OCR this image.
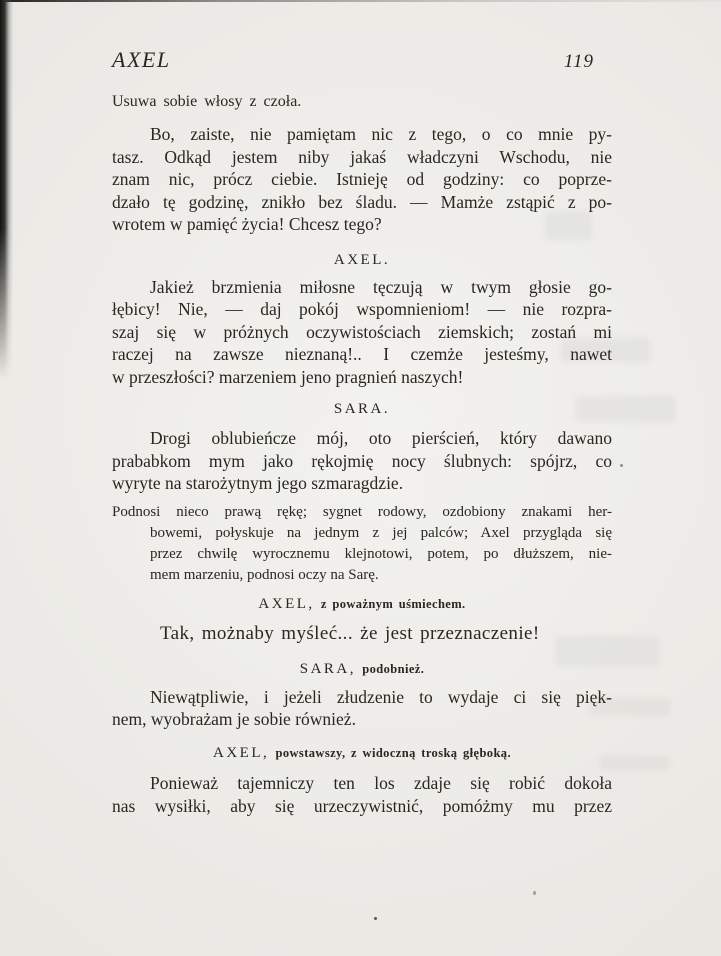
AXEL	119
Usuwa sobie włosy z czoła.
Bo, zaiste, nie pamiętam nic z tego, o co mnie py-
tasz. Odkąd jestem niby jakaś władczyni Wschodu, nie
znam nic, prócz ciebie. Istnieję od godziny: co poprze-
dzało tę godzinę, znikło bez śladu. — Mamże zstąpić z po-
wrotem w pamięć życia! Chcesz tego?
AXEL.
Jakież brzmienia miłosne tęczują w twym głosie go-
łębicy! Nie, — daj pokój wspomnieniom! — nie rozpra-
szaj się w próżnych oczywistościach ziemskich; zostań mi
raczej na zawsze nieznaną!.. I czemże jesteśmy, nawet
w przeszłości? marzeniem jeno pragnień naszych!
SARA.
Drogi oblubieńcze mój, oto pierścień, który dawano
prababkom mym jako rękojmię nocy ślubnych: spójrz, co
wyryte na starożytnym jego szmaragdzie.
Podnosi nieco prawą rękę; sygnet rodowy, ozdobiony znakami her-
bowemi, połyskuje na jednym z jej palców; Axel przygląda się
przez chwilę wyrocznemu klejnotowi, potem, po dłuższem, nie-
mem marzeniu, podnosi oczy na Sarę.
AXEL, z poważnym uśmiechem.
Tak, możnaby myśleć... że jest przeznaczenie!
SARA, podobnież.
Niewątpliwie, i jeżeli złudzenie to wydaje ci się pięk-
nem, wyobrażam je sobie również.
AXEL, powstawszy, z widoczną troską głęboką.
Ponieważ tajemniczy ten los zdaje się robić dokoła
nas wysiłki, aby się urzeczywistnić, pomóżmy mu przez
